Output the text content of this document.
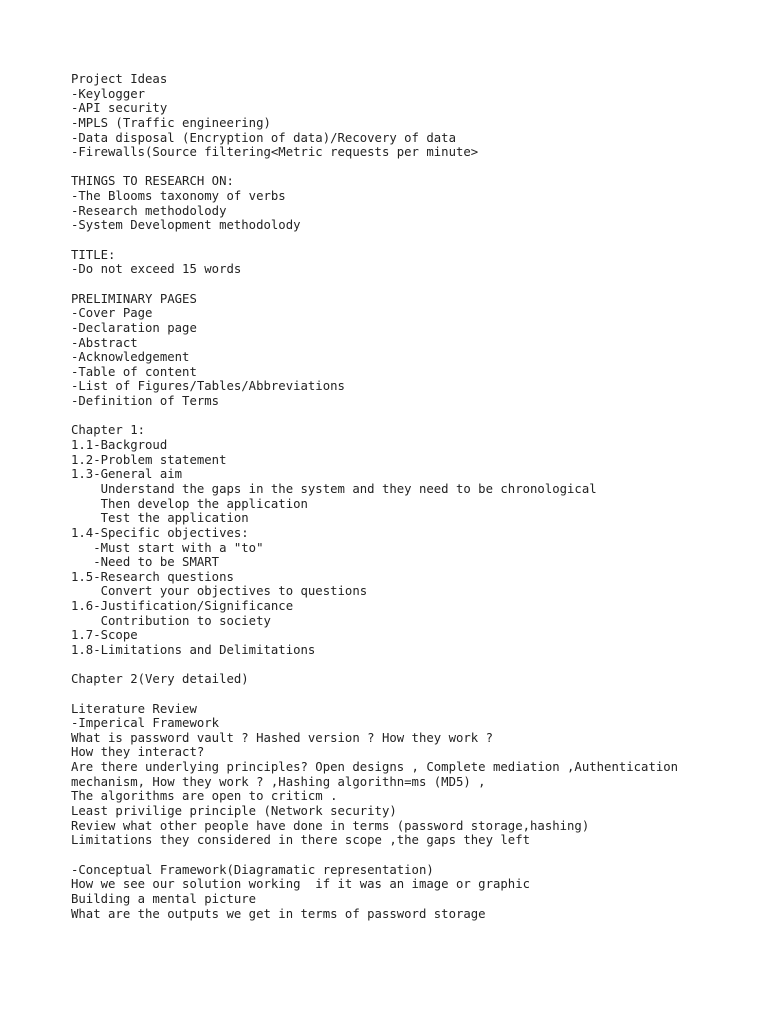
Project Ideas
-Keylogger
-API security
-MPLS (Traffic engineering)
-Data disposal (Encryption of data)/Recovery of data
-Firewalls(Source filtering<Metric requests per minute>
THINGS TO RESEARCH ON:
-The Blooms taxonomy of verbs
-Research methodolody
-System Development methodolody
TITLE:
-Do not exceed 15 words
PRELIMINARY PAGES
-Cover Page
-Declaration page
-Abstract
-Acknowledgement
-Table of content
-List of Figures/Tables/Abbreviations
-Definition of Terms
Chapter 1:
1.1-Backgroud
1.2-Problem statement
1.3-General aim
Understand the gaps in the system and they need to be chronological
Then develop the application
Test the application
1.4-Specific objectives:
-Must start with a "to"
-Need to be SMART
1.5-Research questions
Convert your objectives to questions
1.6-Justification/Significance
Contribution to society
1.7-Scope
1.8-Limitations and Delimitations
Chapter 2(Very detailed)
Literature Review
-Imperical Framework
What is password vault ? Hashed version ? How they work ?
How they interact?
Are there underlying principles? Open designs , Complete mediation ,Authentication
mechanism, How they work ? ,Hashing algorithn=ms (MD5) ,
The algorithms are open to criticm .
Least privilige principle (Network security)
Review what other people have done in terms (password storage,hashing)
Limitations they considered in there scope ,the gaps they left
-Conceptual Framework(Diagramatic representation)
How we see our solution working  if it was an image or graphic
Building a mental picture
What are the outputs we get in terms of password storage
